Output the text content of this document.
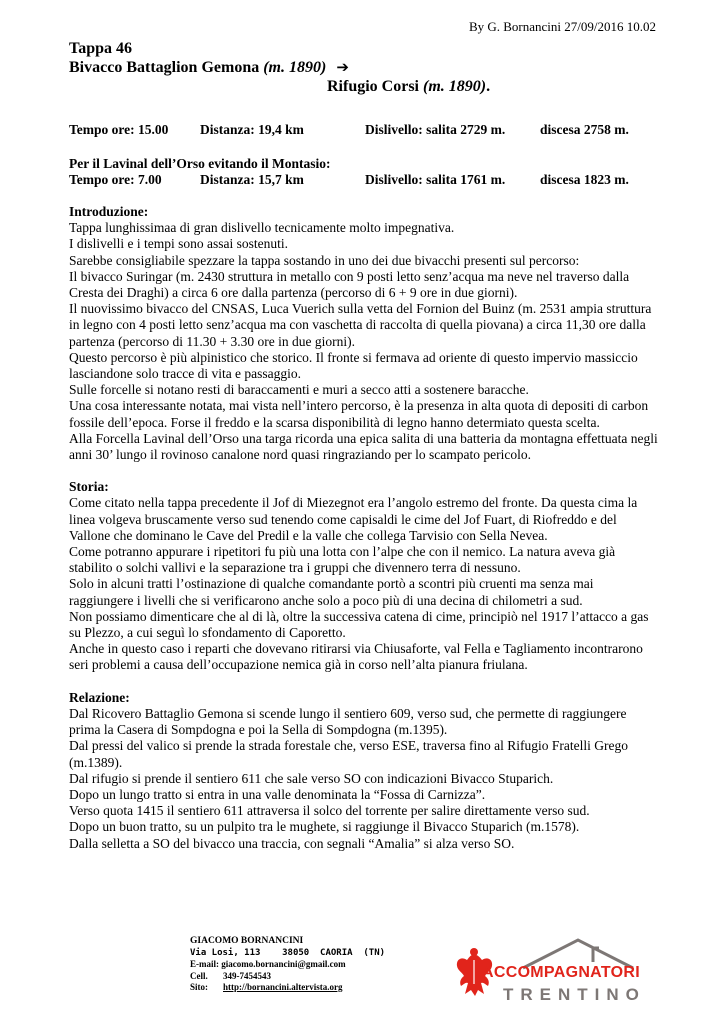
By G. Bornancini 27/09/2016 10.02
Tappa 46
Bivacco Battaglion Gemona (m. 1890) ➔
Rifugio Corsi (m. 1890).
Tempo ore: 15.00 Distanza: 19,4 km	Dislivello: salita 2729 m.	discesa 2758 m.
Per il Lavinal dell’Orso evitando il Montasio:
Tempo ore: 7.00	Distanza: 15,7 km	Dislivello: salita 1761 m.	discesa 1823 m.

Introduzione:

Tappa lunghissimaa di gran dislivello tecnicamente molto impegnativa.

I dislivelli e i tempi sono assai sostenuti.

Sarebbe consigliabile spezzare la tappa sostando in uno dei due bivacchi presenti sul percorso:

Il bivacco Suringar (m. 2430 struttura in metallo con 9 posti letto senz’acqua ma neve nel traverso dalla Cresta dei Draghi) a circa 6 ore dalla partenza (percorso di 6 + 9 ore in due giorni).

Il nuovissimo bivacco del CNSAS, Luca Vuerich sulla vetta del Fornion del Buinz (m. 2531 ampia struttura in legno con 4 posti letto senz’acqua ma con vaschetta di raccolta di quella piovana) a circa 11,30 ore dalla partenza (percorso di 11.30 + 3.30 ore in due giorni).

Questo percorso è più alpinistico che storico. Il fronte si fermava ad oriente di questo impervio massiccio lasciandone solo tracce di vita e passaggio.

Sulle forcelle si notano resti di baraccamenti e muri a secco atti a sostenere baracche.

Una cosa interessante notata, mai vista nell’intero percorso, è la presenza in alta quota di depositi di carbon fossile dell’epoca. Forse il freddo e la scarsa disponibilità di legno hanno determiato questa scelta.

Alla Forcella Lavinal dell’Orso una targa ricorda una epica salita di una batteria da montagna effettuata negli anni 30’ lungo il rovinoso canalone nord quasi ringraziando per lo scampato pericolo.

Storia:

Come citato nella tappa precedente il Jof di Miezegnot era l’angolo estremo del fronte. Da questa cima la linea volgeva bruscamente verso sud tenendo come capisaldi le cime del Jof Fuart, di Riofreddo e del Vallone che dominano le Cave del Predil e la valle che collega Tarvisio con Sella Nevea.

Come potranno appurare i ripetitori fu più una lotta con l’alpe che con il nemico. La natura aveva già stabilito o solchi vallivi e la separazione tra i gruppi che divennero terra di nessuno.

Solo in alcuni tratti l’ostinazione di qualche comandante portò a scontri più cruenti ma senza mai raggiungere i livelli che si verificarono anche solo a poco più di una decina di chilometri a sud.

Non possiamo dimenticare che al di là, oltre la successiva catena di cime, principiò nel 1917 l’attacco a gas su Plezzo, a cui seguì lo sfondamento di Caporetto.

Anche in questo caso i reparti che dovevano ritirarsi via Chiusaforte, val Fella e Tagliamento incontrarono seri problemi a causa dell’occupazione nemica già in corso nell’alta pianura friulana.

Relazione:

Dal Ricovero Battaglio Gemona si scende lungo il sentiero 609, verso sud, che permette di raggiungere prima la Casera di Sompdogna e poi la Sella di Sompdogna (m.1395).

Dal pressi del valico si prende la strada forestale che, verso ESE, traversa fino al Rifugio Fratelli Grego (m.1389).

Dal rifugio si prende il sentiero 611 che sale verso SO con indicazioni Bivacco Stuparich.

Dopo un lungo tratto si entra in una valle denominata la “Fossa di Carnizza”.

Verso quota 1415 il sentiero 611 attraversa il solco del torrente per salire direttamente verso sud.

Dopo un buon tratto, su un pulpito tra le mughete, si raggiunge il Bivacco Stuparich (m.1578).

Dalla selletta a SO del bivacco una traccia, con segnali “Amalia” si alza verso SO.

GIACOMO BORNANCINI
Via Losi, 113    38050  CAORIA  (TN)
E-mail: giacomo.bornancini@gmail.com
Cell. 349-7454543
Sito: http://bornancini.altervista.org
ACCOMPAGNATORI
TRENTINO
